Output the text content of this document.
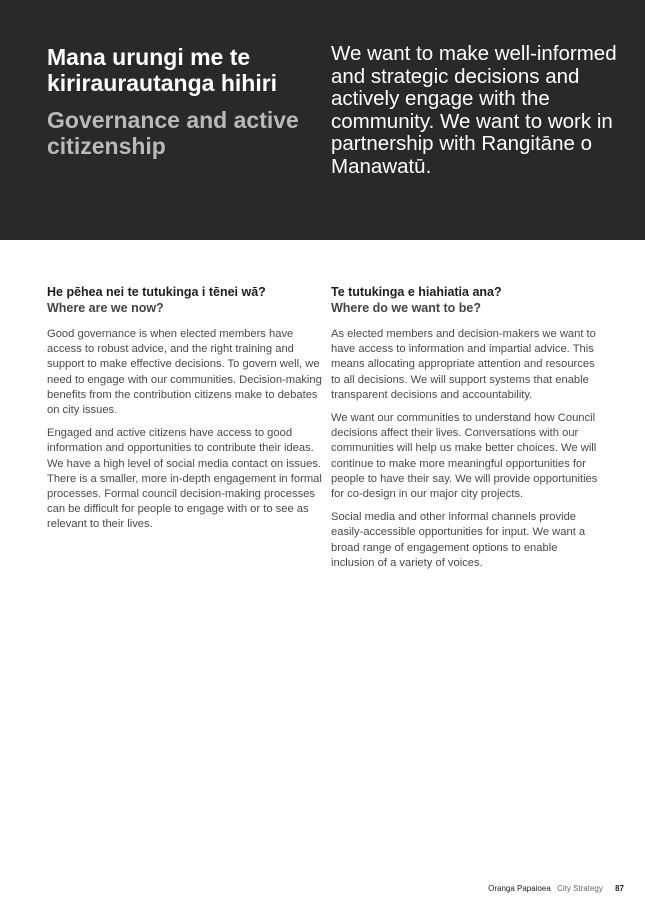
Mana urungi me te kiriraurautanga hihiri
Governance and active citizenship

We want to make well-informed and strategic decisions and actively engage with the community. We want to work in partnership with Rangitāne o Manawatū.

He pēhea nei te tutukinga i tēnei wā?
Where are we now?

Good governance is when elected members have access to robust advice, and the right training and support to make effective decisions. To govern well, we need to engage with our communities. Decision-making benefits from the contribution citizens make to debates on city issues.

Engaged and active citizens have access to good information and opportunities to contribute their ideas. We have a high level of social media contact on issues. There is a smaller, more in-depth engagement in formal processes. Formal council decision-making processes can be difficult for people to engage with or to see as relevant to their lives.

Te tutukinga e hiahiatia ana?
Where do we want to be?

As elected members and decision-makers we want to have access to information and impartial advice. This means allocating appropriate attention and resources to all decisions. We will support systems that enable transparent decisions and accountability.

We want our communities to understand how Council decisions affect their lives. Conversations with our communities will help us make better choices. We will continue to make more meaningful opportunities for people to have their say. We will provide opportunities for co-design in our major city projects.

Social media and other informal channels provide easily-accessible opportunities for input. We want a broad range of engagement options to enable inclusion of a variety of voices.

Oranga Papaioea City Strategy 87
